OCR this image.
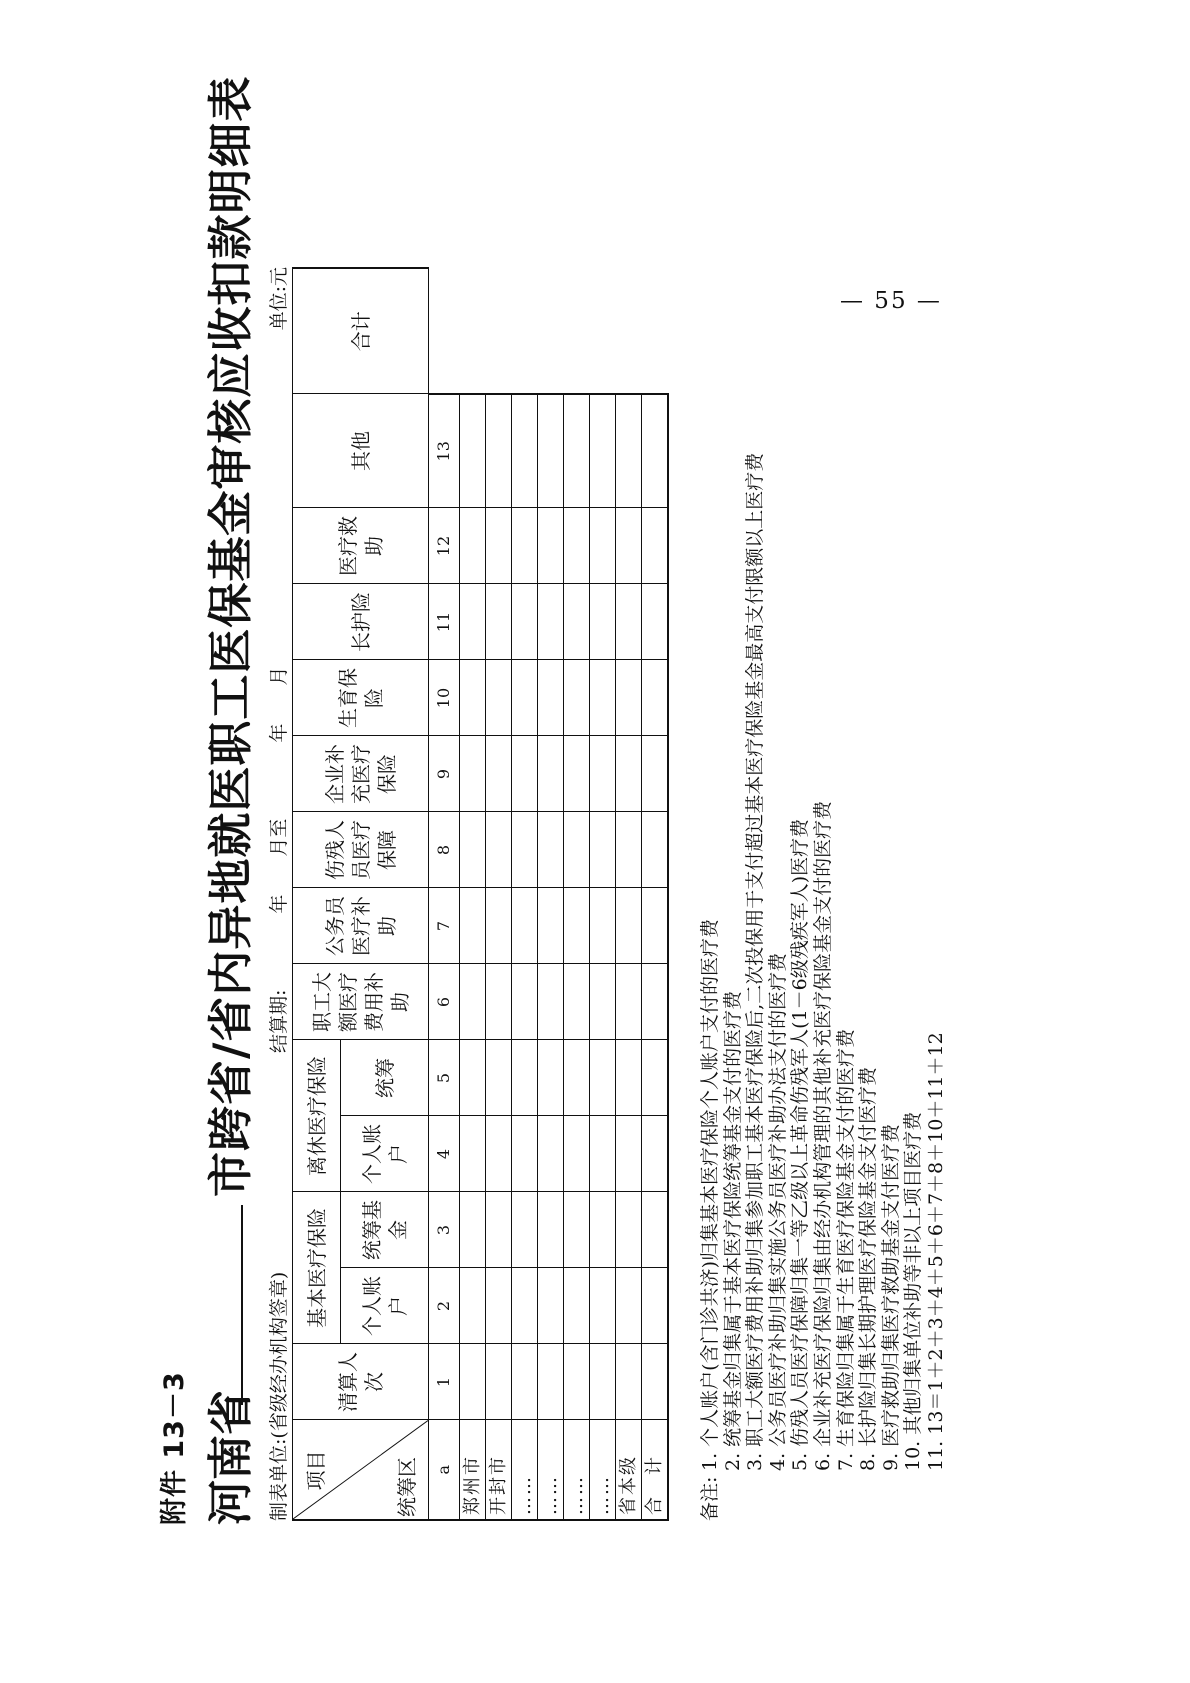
附件 13－3 河南省
市跨省/省内异地就医职工医保基金审核应收扣款明细表
制表单位:(省级经办机构签章)
结算期:　　　　年　　月至　　　　年　　月
单位:元
项目 统筹区	清算人次	基本医疗保险		离休医疗保险		职工大额医疗费用补助	公务员医疗补助	伤残人员医疗保障	企业补充医疗保险	生育保险	长护险	医疗救助	其他	合计
		个人账户	统筹基金	个人账户	统筹									
a	1	2	3	4	5	6	7	8	9	10	11	12	13	
郑州市														
开封市														
……														
……														
……														
……														
省本级														
合　计														备注:1. 个人账户(含门诊共济)归集基本医疗保险个人账户支付的医疗费 2. 统筹基金归集属于基本医疗保险统筹基金支付的医疗费 3. 职工大额医疗费用补助归集参加职工基本医疗保险后,二次投保用于支付超过基本医疗保险基金最高支付限额以上医疗费 4. 公务员医疗补助归集实施公务员医疗补助办法支付的医疗费 5. 伤残人员医疗保障归集一等乙级以上革命伤残军人(1－6级残疾军人)医疗费 6. 企业补充医疗保险归集由经办机构管理的其他补充医疗保险基金支付的医疗费 7. 生育保险归集属于生育医疗保险基金支付的医疗费 8. 长护险归集长期护理医疗保险基金支付医疗费 9. 医疗救助归集医疗救助基金支付医疗费 10. 其他归集单位补助等非以上项目医疗费 11. 13＝1＋2＋3＋4＋5＋6＋7＋8＋10＋11＋12
— 55 —
